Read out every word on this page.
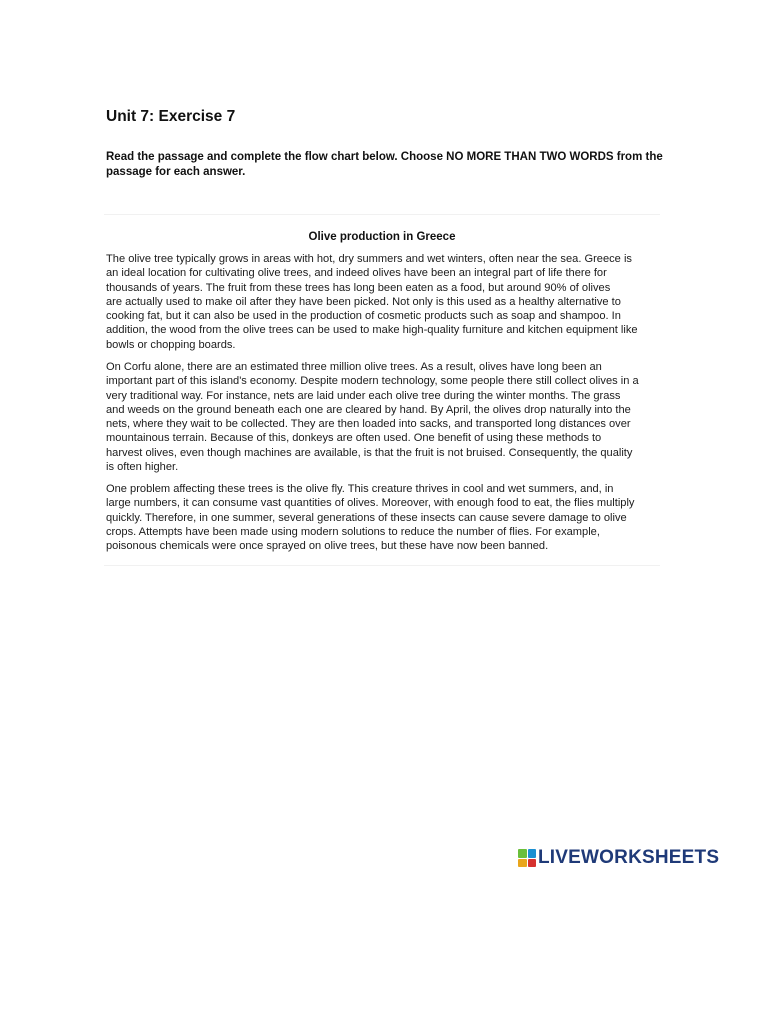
Unit 7: Exercise 7

Read the passage and complete the flow chart below. Choose NO MORE THAN TWO WORDS from the passage for each answer.

Olive production in Greece

The olive tree typically grows in areas with hot, dry summers and wet winters, often near the sea. Greece is
an ideal location for cultivating olive trees, and indeed olives have been an integral part of life there for
thousands of years. The fruit from these trees has long been eaten as a food, but around 90% of olives
are actually used to make oil after they have been picked. Not only is this used as a healthy alternative to
cooking fat, but it can also be used in the production of cosmetic products such as soap and shampoo. In
addition, the wood from the olive trees can be used to make high-quality furniture and kitchen equipment like
bowls or chopping boards.

On Corfu alone, there are an estimated three million olive trees. As a result, olives have long been an
important part of this island's economy. Despite modern technology, some people there still collect olives in a
very traditional way. For instance, nets are laid under each olive tree during the winter months. The grass
and weeds on the ground beneath each one are cleared by hand. By April, the olives drop naturally into the
nets, where they wait to be collected. They are then loaded into sacks, and transported long distances over
mountainous terrain. Because of this, donkeys are often used. One benefit of using these methods to
harvest olives, even though machines are available, is that the fruit is not bruised. Consequently, the quality
is often higher.

One problem affecting these trees is the olive fly. This creature thrives in cool and wet summers, and, in
large numbers, it can consume vast quantities of olives. Moreover, with enough food to eat, the flies multiply
quickly. Therefore, in one summer, several generations of these insects can cause severe damage to olive
crops. Attempts have been made using modern solutions to reduce the number of flies. For example,
poisonous chemicals were once sprayed on olive trees, but these have now been banned.

LIVEWORKSHEETS
